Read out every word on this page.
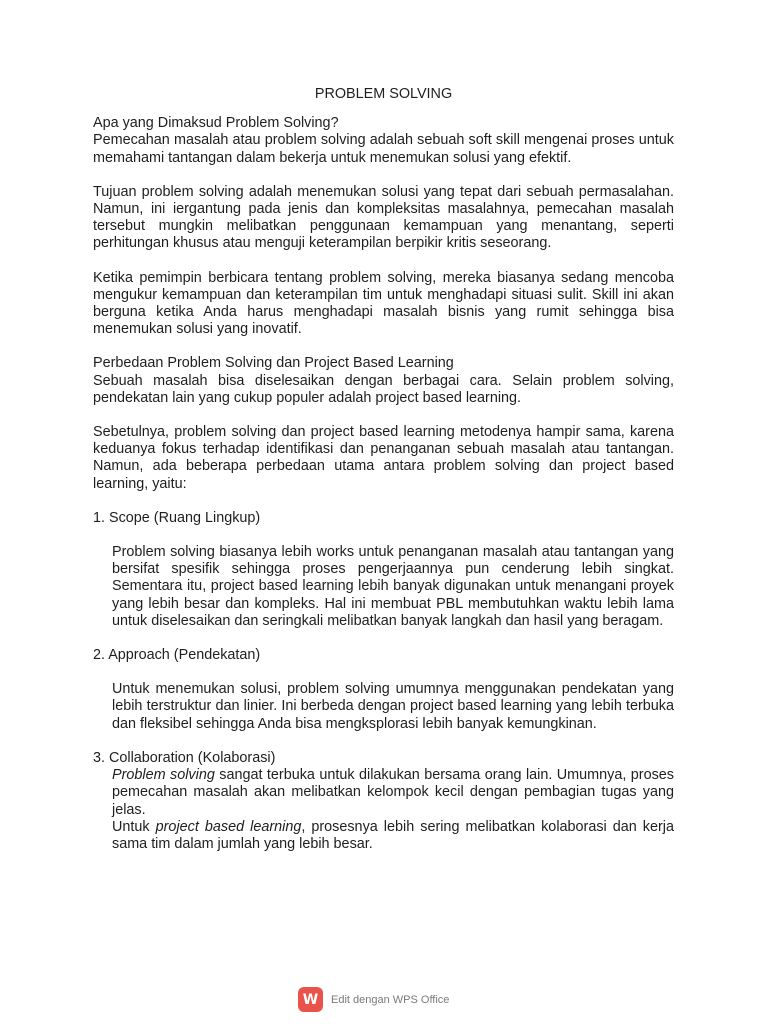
PROBLEM SOLVING
Apa yang Dimaksud Problem Solving?

Pemecahan masalah atau problem solving adalah sebuah soft skill mengenai proses untuk memahami tantangan dalam bekerja untuk menemukan solusi yang efektif.

Tujuan problem solving adalah menemukan solusi yang tepat dari sebuah permasalahan. Namun, ini iergantung pada jenis dan kompleksitas masalahnya, pemecahan masalah tersebut mungkin melibatkan penggunaan kemampuan yang menantang, seperti perhitungan khusus atau menguji keterampilan berpikir kritis seseorang.

Ketika pemimpin berbicara tentang problem solving, mereka biasanya sedang mencoba mengukur kemampuan dan keterampilan tim untuk menghadapi situasi sulit. Skill ini akan berguna ketika Anda harus menghadapi masalah bisnis yang rumit sehingga bisa menemukan solusi yang inovatif.

Perbedaan Problem Solving dan Project Based Learning

Sebuah masalah bisa diselesaikan dengan berbagai cara. Selain problem solving, pendekatan lain yang cukup populer adalah project based learning.

Sebetulnya, problem solving dan project based learning metodenya hampir sama, karena keduanya fokus terhadap identifikasi dan penanganan sebuah masalah atau tantangan. Namun, ada beberapa perbedaan utama antara problem solving dan project based learning, yaitu:

1. Scope (Ruang Lingkup)

Problem solving biasanya lebih works untuk penanganan masalah atau tantangan yang bersifat spesifik sehingga proses pengerjaannya pun cenderung lebih singkat. Sementara itu, project based learning lebih banyak digunakan untuk menangani proyek yang lebih besar dan kompleks. Hal ini membuat PBL membutuhkan waktu lebih lama untuk diselesaikan dan seringkali melibatkan banyak langkah dan hasil yang beragam.

2. Approach (Pendekatan)

Untuk menemukan solusi, problem solving umumnya menggunakan pendekatan yang lebih terstruktur dan linier. Ini berbeda dengan project based learning yang lebih terbuka dan fleksibel sehingga Anda bisa mengksplorasi lebih banyak kemungkinan.

3. Collaboration (Kolaborasi)

Problem solving sangat terbuka untuk dilakukan bersama orang lain. Umumnya, proses pemecahan masalah akan melibatkan kelompok kecil dengan pembagian tugas yang jelas.

Untuk project based learning, prosesnya lebih sering melibatkan kolaborasi dan kerja sama tim dalam jumlah yang lebih besar.

W	Edit dengan WPS Office
